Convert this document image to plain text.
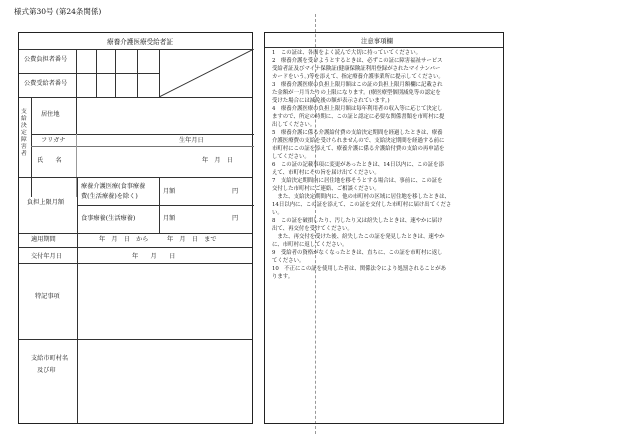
様式第30号 (第24条関係)
療養介護医療受給者証
公費負担者番号
公費受給者番号
支給決定障害者
居住地
フリガナ	生年月日
氏　　名	年　月　日
負担上限月額
療養介護医療(食事療養
費(生活療養)を除く)
月額	円
食事療養(生活療養)	月額	円
適用期間	年　月　日　から　　　年　月　日　まで
交付年月日	年　　月　　日
特記事項
支給市町村名
及び印
注意事項欄
1　この証は、各面をよく読んで大切に持っていてください。
2　療養介護を受けようとするときは、必ずこの証に障害福祉サービス
受給者証及びマイナ保険証(健康保険証利用登録がされたマイナンバー
カードをいう。)等を添えて、指定療養介護事業所に提示してください。
3　療養介護医療の負担上限月額はこの証の負担上限月額欄に記載され
た金額が一月当たりの上限になります。(療医療型個別減免等の認定を
受けた場合には減免後の額が表示されています。)
4　療養介護医療の負担上限月額は毎年利用者の収入等に応じて決定し
ますので、所定の時期に、この証と認定に必要な関係書類を市町村に提
出してください。
5　療養介護に係る介護給付費の支給決定期間を経過したときは、療養
介護医療費の支給を受けられませんので、支給決定期間を経過する前に
市町村にこの証を添えて、療養介護に係る介護給付費の支給の再申請を
してください。
6　この証の記載事項に変更があったときは、14日以内に、この証を添
えて、市町村にその旨を届け出てください。
7　支給決定期間内に居住地を移そうとする場合は、事前に、この証を
交付した市町村にご連絡、ご相談ください。
　また、支給決定期間内に、他の市町村の区域に居住地を移したときは、
14日以内に、この証を添えて、この証を交付した市町村に届け出てくださ
い。
8　この証を破損したり、汚したり又は紛失したときは、速やかに届け
出て、再交付を受けてください。
　また、再交付を受けた後、紛失したこの証を発見したときは、速やか
に、市町村に返してください。
9　受給者の資格がなくなったときは、直ちに、この証を市町村に返し
てください。
10　不正にこの証を使用した者は、関係法令により処罰されることがあ
ります。
